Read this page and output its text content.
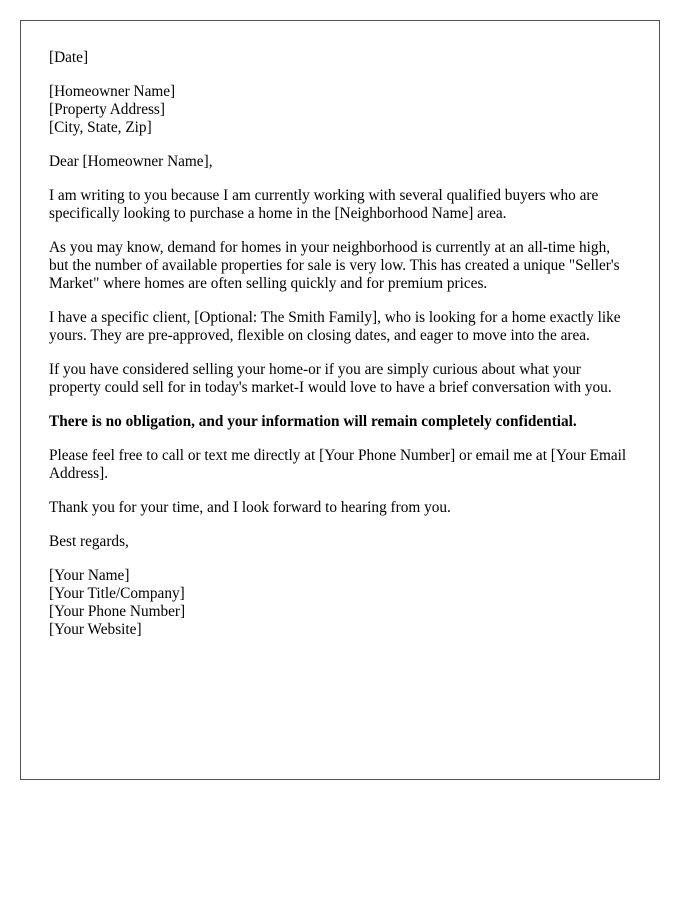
[Date]

[Homeowner Name]
[Property Address]
[City, State, Zip]

Dear [Homeowner Name],

I am writing to you because I am currently working with several qualified buyers who are specifically looking to purchase a home in the [Neighborhood Name] area.

As you may know, demand for homes in your neighborhood is currently at an all-time high, but the number of available properties for sale is very low. This has created a unique "Seller's Market" where homes are often selling quickly and for premium prices.

I have a specific client, [Optional: The Smith Family], who is looking for a home exactly like yours. They are pre-approved, flexible on closing dates, and eager to move into the area.

If you have considered selling your home-or if you are simply curious about what your property could sell for in today's market-I would love to have a brief conversation with you.

There is no obligation, and your information will remain completely confidential.

Please feel free to call or text me directly at [Your Phone Number] or email me at [Your Email Address].

Thank you for your time, and I look forward to hearing from you.

Best regards,

[Your Name]
[Your Title/Company]
[Your Phone Number]
[Your Website]
